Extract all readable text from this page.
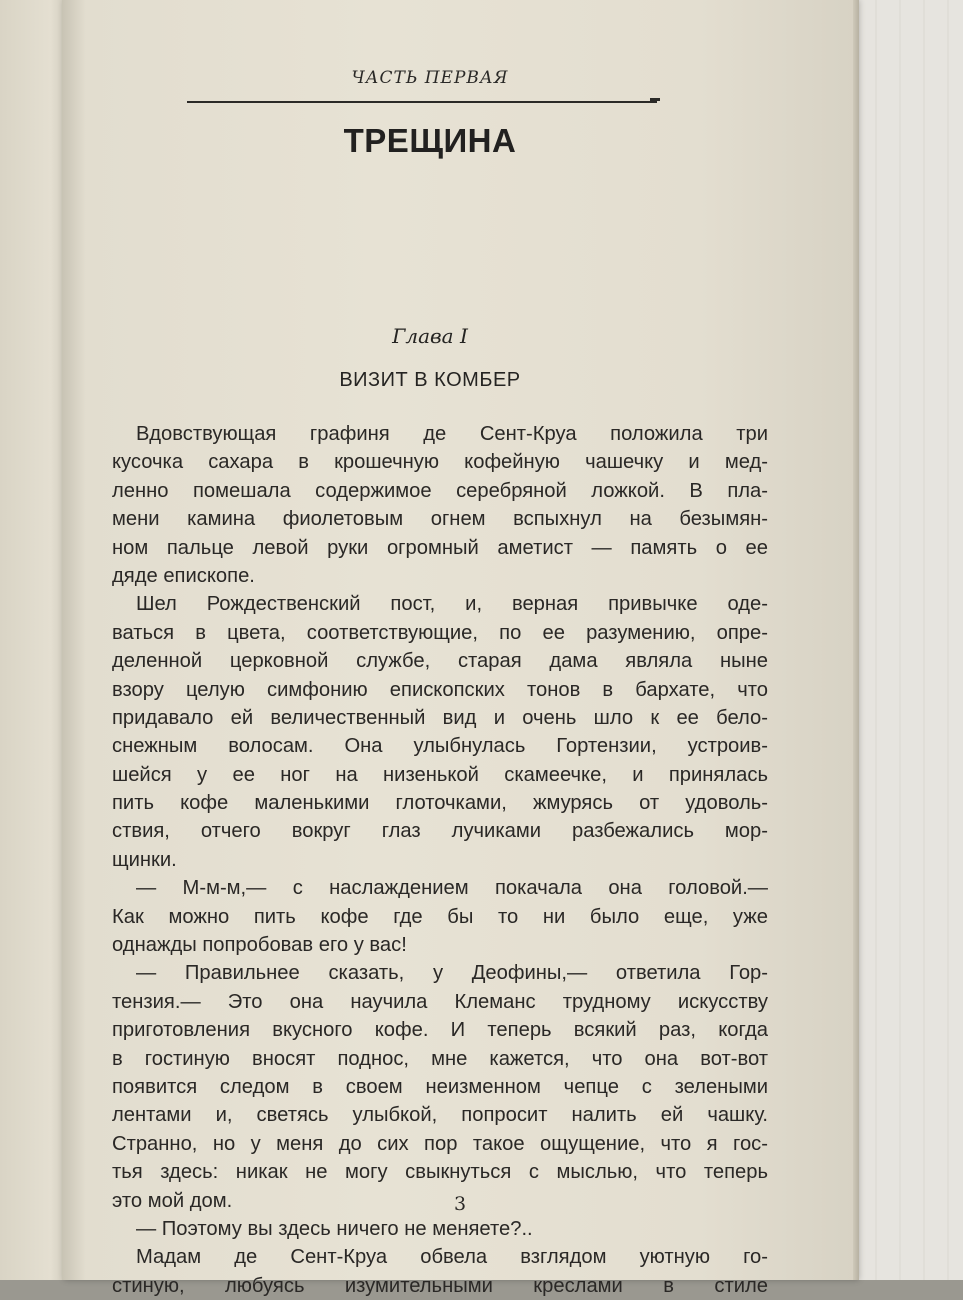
ЧАСТЬ ПЕРВАЯ
ТРЕЩИНА
Глава I
ВИЗИТ В КОМБЕР
Вдовствующая графиня де Сент-Круа положила три
кусочка сахара в крошечную кофейную чашечку и мед-
ленно помешала содержимое серебряной ложкой. В пла-
мени камина фиолетовым огнем вспыхнул на безымян-
ном пальце левой руки огромный аметист — память о ее
дяде епископе.
Шел Рождественский пост, и, верная привычке оде-
ваться в цвета, соответствующие, по ее разумению, опре-
деленной церковной службе, старая дама являла ныне
взору целую симфонию епископских тонов в бархате, что
придавало ей величественный вид и очень шло к ее бело-
снежным волосам. Она улыбнулась Гортензии, устроив-
шейся у ее ног на низенькой скамеечке, и принялась
пить кофе маленькими глоточками, жмурясь от удоволь-
ствия, отчего вокруг глаз лучиками разбежались мор-
щинки.
— М-м-м,— с наслаждением покачала она головой.—
Как можно пить кофе где бы то ни было еще, уже
однажды попробовав его у вас!
— Правильнее сказать, у Деофины,— ответила Гор-
тензия.— Это она научила Клеманс трудному искусству
приготовления вкусного кофе. И теперь всякий раз, когда
в гостиную вносят поднос, мне кажется, что она вот-вот
появится следом в своем неизменном чепце с зелеными
лентами и, светясь улыбкой, попросит налить ей чашку.
Странно, но у меня до сих пор такое ощущение, что я гос-
тья здесь: никак не могу свыкнуться с мыслью, что теперь
это мой дом.
— Поэтому вы здесь ничего не меняете?..
Мадам де Сент-Круа обвела взглядом уютную го-
стиную, любуясь изумительными креслами в стиле
3
